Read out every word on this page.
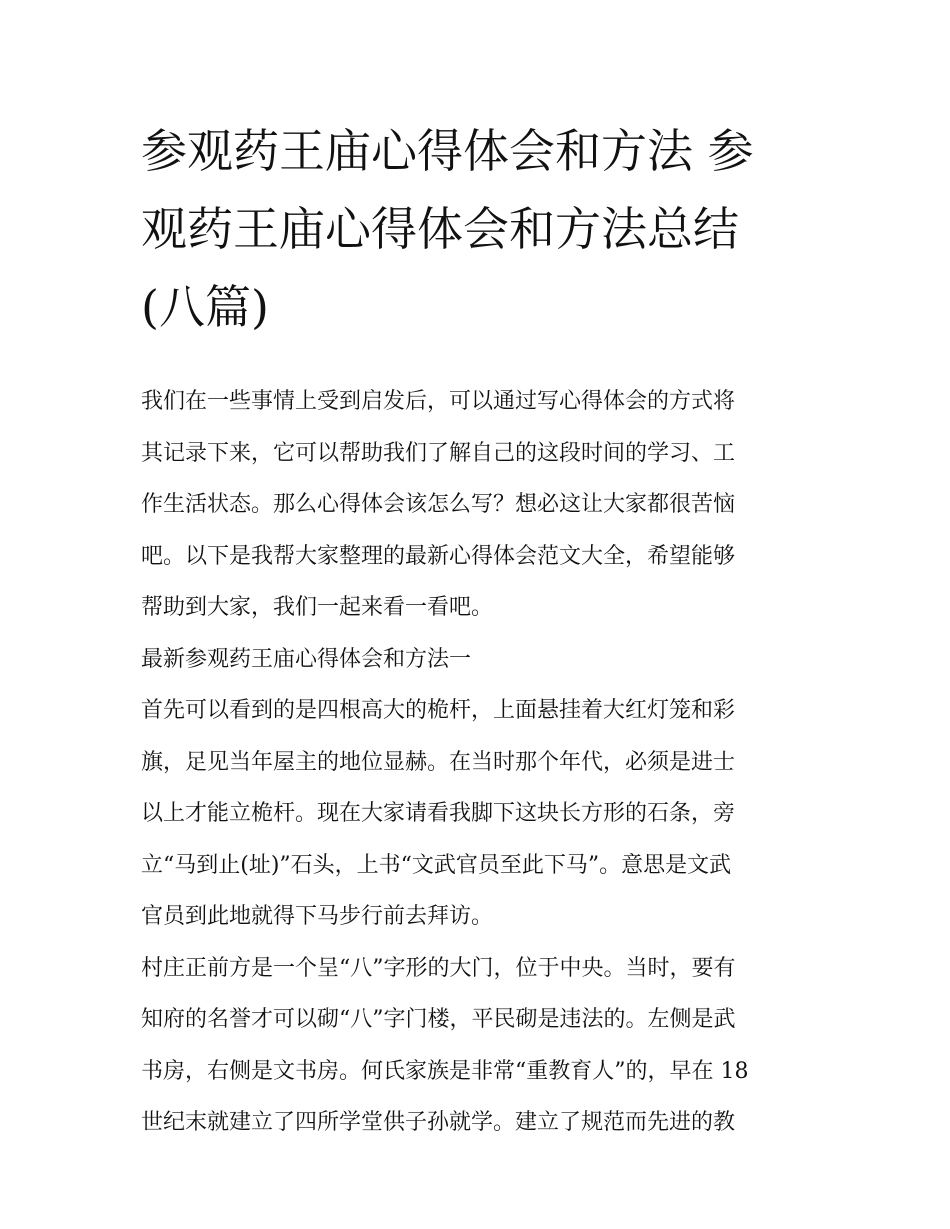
参观药王庙心得体会和方法 参
观药王庙心得体会和方法总结
(八篇)

我们在一些事情上受到启发后，可以通过写心得体会的方式将
其记录下来，它可以帮助我们了解自己的这段时间的学习、工
作生活状态。那么心得体会该怎么写？想必这让大家都很苦恼
吧。以下是我帮大家整理的最新心得体会范文大全，希望能够
帮助到大家，我们一起来看一看吧。

最新参观药王庙心得体会和方法一

首先可以看到的是四根高大的桅杆，上面悬挂着大红灯笼和彩
旗，足见当年屋主的地位显赫。在当时那个年代，必须是进士
以上才能立桅杆。现在大家请看我脚下这块长方形的石条，旁
立“马到止(址)”石头，上书“文武官员至此下马”。意思是文武
官员到此地就得下马步行前去拜访。

村庄正前方是一个呈“八”字形的大门，位于中央。当时，要有
知府的名誉才可以砌“八”字门楼，平民砌是违法的。左侧是武
书房，右侧是文书房。何氏家族是非常“重教育人”的，早在 18
世纪末就建立了四所学堂供子孙就学。建立了规范而先进的教
